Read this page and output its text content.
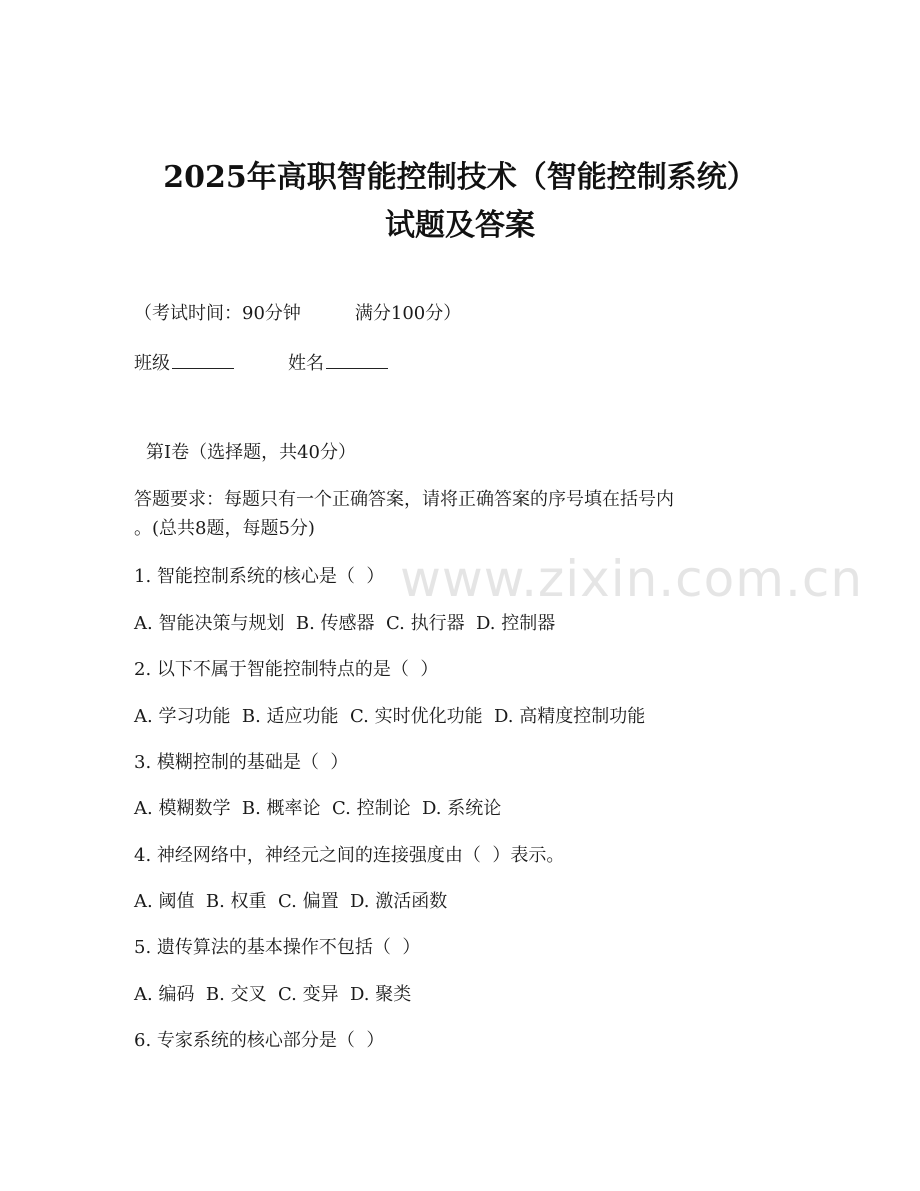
2025年高职智能控制技术（智能控制系统）
试题及答案
（考试时间：90分钟	满分100分）
班级	姓名
第Ⅰ卷（选择题，共40分）
答题要求：每题只有一个正确答案，请将正确答案的序号填在括号内
。(总共8题，每题5分)
1. 智能控制系统的核心是（  ）
A. 智能决策与规划  B. 传感器  C. 执行器  D. 控制器
2. 以下不属于智能控制特点的是（  ）
A. 学习功能  B. 适应功能  C. 实时优化功能  D. 高精度控制功能
3. 模糊控制的基础是（  ）
A. 模糊数学  B. 概率论  C. 控制论  D. 系统论
4. 神经网络中，神经元之间的连接强度由（  ）表示。
A. 阈值  B. 权重  C. 偏置  D. 激活函数
5. 遗传算法的基本操作不包括（  ）
A. 编码  B. 交叉  C. 变异  D. 聚类
6. 专家系统的核心部分是（  ）
www.zixin.com.cn
